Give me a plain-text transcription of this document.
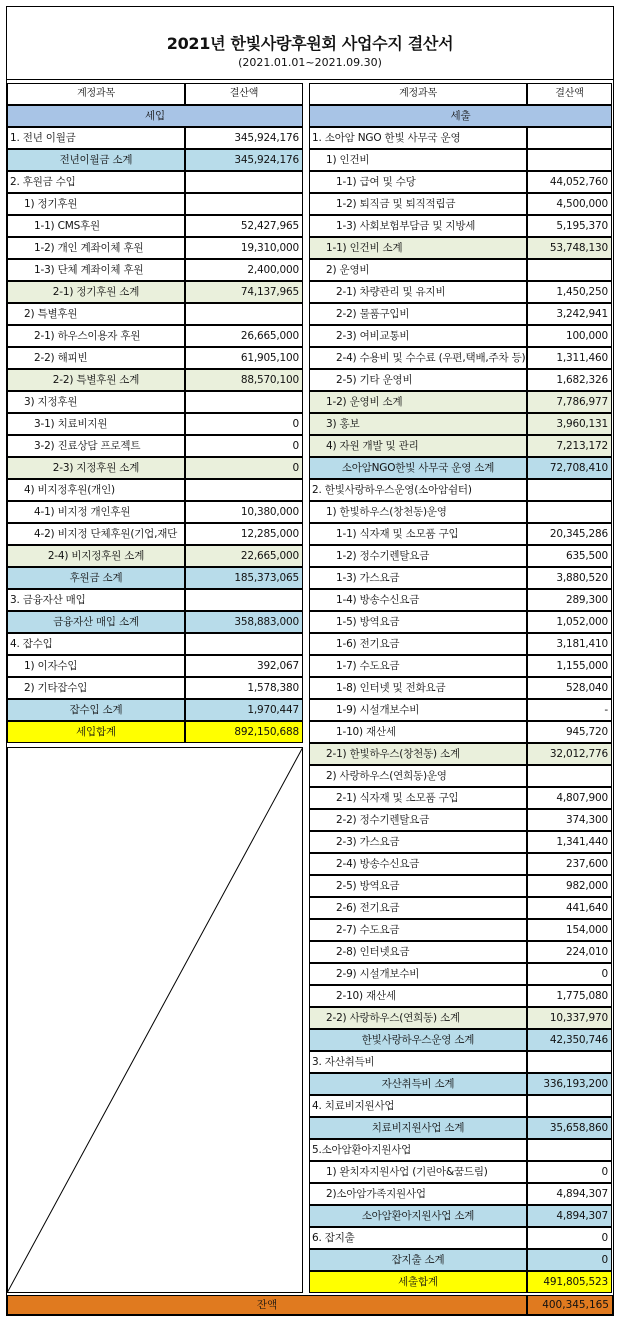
2021년 한빛사랑후원회 사업수지 결산서
(2021.01.01~2021.09.30)
계정과목	결산액	계정과목	결산액
세입	세출
1. 전년 이월금	345,924,176
전년이월금 소계	345,924,176
2. 후원금 수입
1) 정기후원
1-1) CMS후원	52,427,965
1-2) 개인 계좌이체 후원	19,310,000
1-3) 단체 계좌이체 후원	2,400,000
2-1) 정기후원 소계	74,137,965
2) 특별후원
2-1) 하우스이용자 후원	26,665,000
2-2) 해피빈	61,905,100
2-2) 특별후원 소계	88,570,100
3) 지정후원
3-1) 치료비지원	0
3-2) 진료상담 프로젝트	0
2-3) 지정후원 소계	0
4) 비지정후원(개인)
4-1) 비지정 개인후원	10,380,000
4-2) 비지정 단체후원(기업,재단	12,285,000
2-4) 비지정후원 소계	22,665,000
후원금 소계	185,373,065
3. 금융자산 매입
금융자산 매입 소계	358,883,000
4. 잡수입
1) 이자수입	392,067
2) 기타잡수입	1,578,380
잡수입 소계	1,970,447
세입합계	892,150,688
1. 소아암 NGO 한빛 사무국 운영
1) 인건비
1-1) 급여 및 수당	44,052,760
1-2) 퇴직금 및 퇴직적립금	4,500,000
1-3) 사회보험부담금 및 지방세	5,195,370
1-1) 인건비 소계	53,748,130
2) 운영비
2-1) 차량관리 및 유지비	1,450,250
2-2) 물품구입비	3,242,941
2-3) 여비교통비	100,000
2-4) 수용비 및 수수료 (우편,택배,주차 등)	1,311,460
2-5) 기타 운영비	1,682,326
1-2) 운영비 소계	7,786,977
3) 홍보	3,960,131
4) 자원 개발 및 관리	7,213,172
소아암NGO한빛 사무국 운영 소계	72,708,410
2. 한빛사랑하우스운영(소아암쉼터)
1) 한빛하우스(창천동)운영
1-1) 식자재 및 소모품 구입	20,345,286
1-2) 정수기렌탈요금	635,500
1-3) 가스요금	3,880,520
1-4) 방송수신요금	289,300
1-5) 방역요금	1,052,000
1-6) 전기요금	3,181,410
1-7) 수도요금	1,155,000
1-8) 인터넷 및 전화요금	528,040
1-9) 시설개보수비	-
1-10) 재산세	945,720
2-1) 한빛하우스(창천동) 소계	32,012,776
2) 사랑하우스(연희동)운영
2-1) 식자재 및 소모품 구입	4,807,900
2-2) 정수기렌탈요금	374,300
2-3) 가스요금	1,341,440
2-4) 방송수신요금	237,600
2-5) 방역요금	982,000
2-6) 전기요금	441,640
2-7) 수도요금	154,000
2-8) 인터넷요금	224,010
2-9) 시설개보수비	0
2-10) 재산세	1,775,080
2-2) 사랑하우스(연희동) 소계	10,337,970
한빛사랑하우스운영 소계	42,350,746
3. 자산취득비
자산취득비 소계	336,193,200
4. 치료비지원사업
치료비지원사업 소계	35,658,860
5.소아암환아지원사업
1) 완치자지원사업 (기린아&꿈드림)	0
2)소아암가족지원사업	4,894,307
소아암환아지원사업 소계	4,894,307
6. 잡지출	0
잡지출 소계	0
세출합계	491,805,523
잔액	400,345,165
